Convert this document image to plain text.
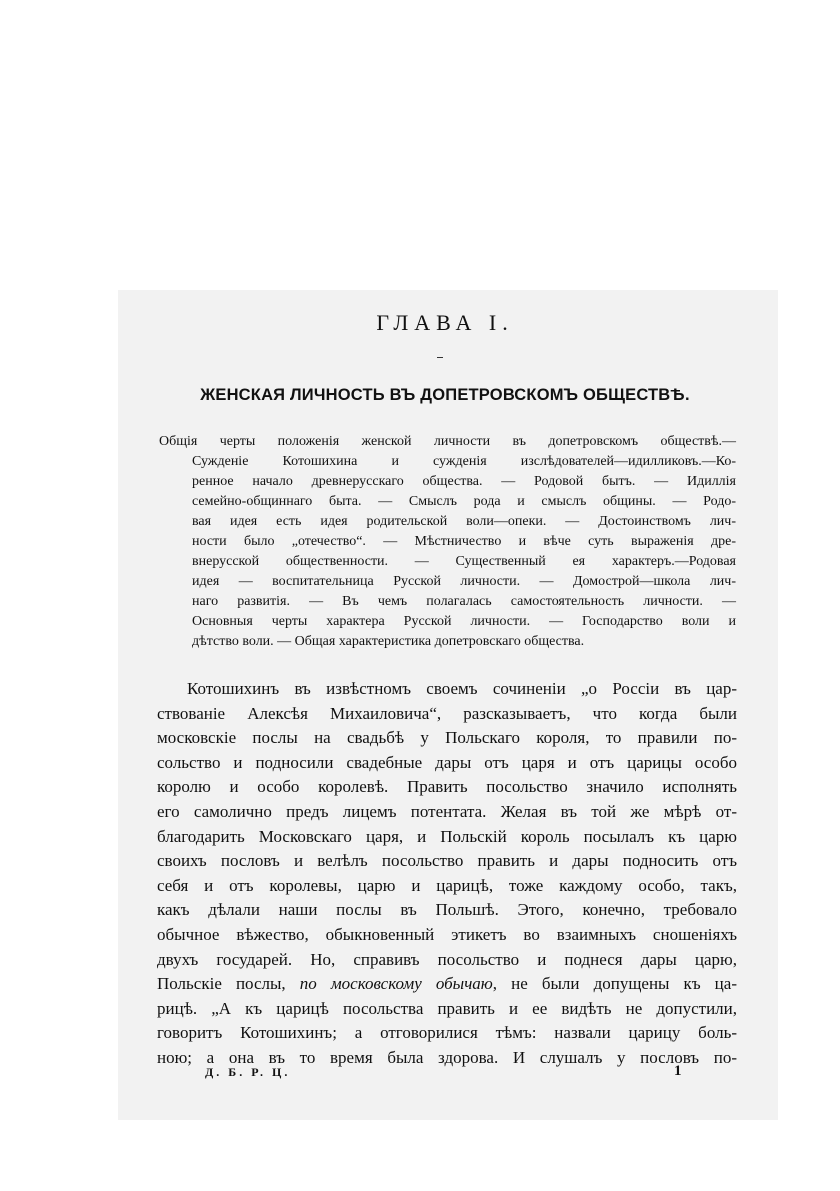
ГЛАВА I.
ЖЕНСКАЯ ЛИЧНОСТЬ ВЪ ДОПЕТРОВСКОМЪ ОБЩЕСТВѢ.
Общія черты положенія женской личности въ допетровскомъ обществѣ.—
Сужденіе Котошихина и сужденія изслѣдователей—идилликовъ.—Ко-
ренное начало древнерусскаго общества. — Родовой бытъ. — Идиллія
семейно-общиннаго быта. — Смыслъ рода и смыслъ общины. — Родо-
вая идея есть идея родительской воли—опеки. — Достоинствомъ лич-
ности было „отечество“. — Мѣстничество и вѣче суть выраженія дре-
внерусской общественности. — Существенный ея характеръ.—Родовая
идея — воспитательница Русской личности. — Домострой—школа лич-
наго развитія. — Въ чемъ полагалась самостоятельность личности. —
Основныя черты характера Русской личности. — Господарство воли и
дѣтство воли. — Общая характеристика допетровскаго общества.
Котошихинъ въ извѣстномъ своемъ сочиненіи „о Россіи въ цар-
ствованіе Алексѣя Михаиловича“, разсказываетъ, что когда были
московскіе послы на свадьбѣ у Польскаго короля, то правили по-
сольство и подносили свадебные дары отъ царя и отъ царицы особо
королю и особо королевѣ. Править посольство значило исполнять
его самолично предъ лицемъ потентата. Желая въ той же мѣрѣ от-
благодарить Московскаго царя, и Польскій король посылалъ къ царю
своихъ пословъ и велѣлъ посольство править и дары подносить отъ
себя и отъ королевы, царю и царицѣ, тоже каждому особо, такъ,
какъ дѣлали наши послы въ Польшѣ. Этого, конечно, требовало
обычное вѣжество, обыкновенный этикетъ во взаимныхъ сношеніяхъ
двухъ государей. Но, справивъ посольство и поднеся дары царю,
Польскіе послы, по московскому обычаю, не были допущены къ ца-
рицѣ. „А къ царицѣ посольства править и ее видѣть не допустили,
говоритъ Котошихинъ; а отговорилися тѣмъ: назвали царицу боль-
ною; а она въ то время была здорова. И слушалъ у пословъ по-
Д. Б. Р. Ц.	1
